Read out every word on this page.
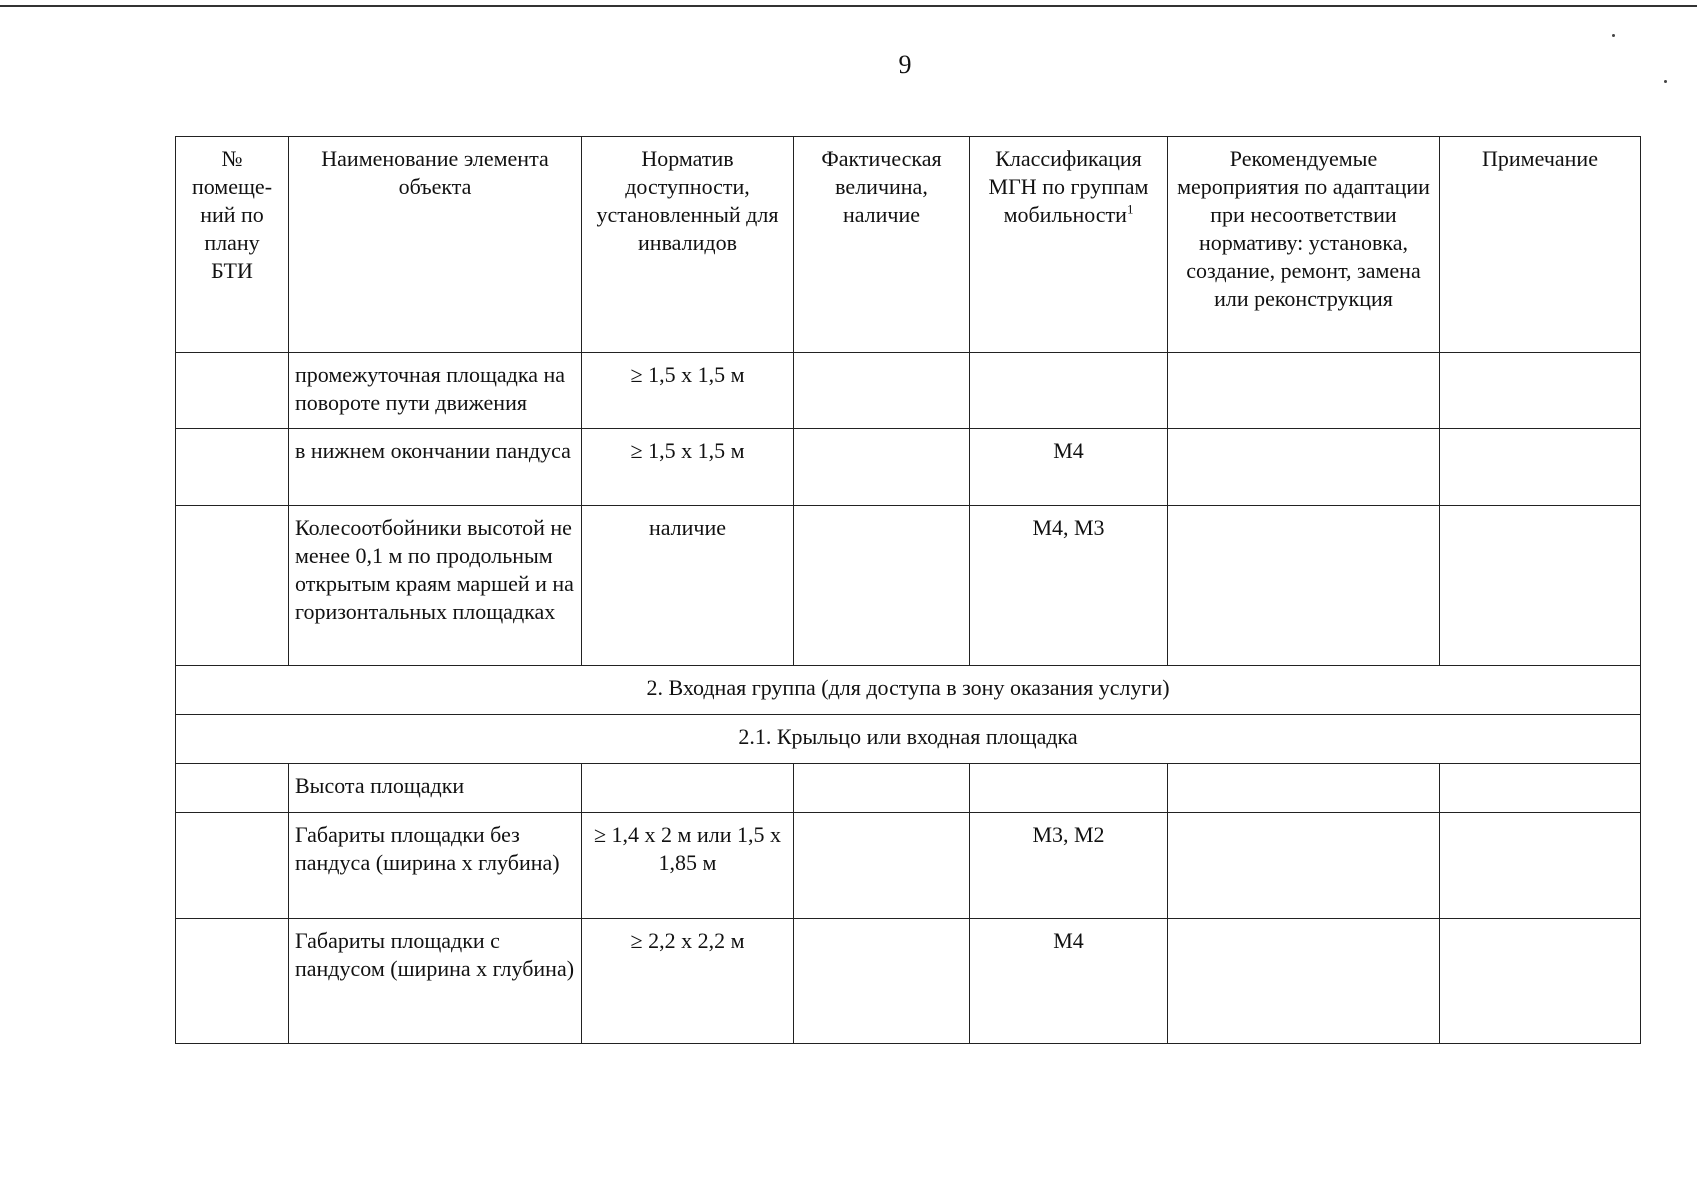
9
№ помеще-ний по плану БТИ	Наименование элемента объекта	Норматив доступности, установленный для инвалидов	Фактическая величина, наличие	Классификация МГН по группам мобильности$^1$	Рекомендуемые мероприятия по адаптации при несоответствии нормативу: установка, создание, ремонт, замена или реконструкция	Примечание
	промежуточная площадка на повороте пути движения	≥ 1,5 х 1,5 м				
	в нижнем окончании пандуса	≥ 1,5 х 1,5 м		М4		
	Колесоотбойники высотой не менее 0,1 м по продольным открытым краям маршей и на горизонтальных площадках	наличие		М4, М3		
2. Входная группа (для доступа в зону оказания услуги)						
2.1. Крыльцо или входная площадка						
	Высота площадки					
	Габариты площадки без пандуса (ширина х глубина)	≥ 1,4 х 2 м или 1,5 х 1,85 м		М3, М2		
	Габариты площадки с пандусом (ширина х глубина)	≥ 2,2 х 2,2 м		М4		
